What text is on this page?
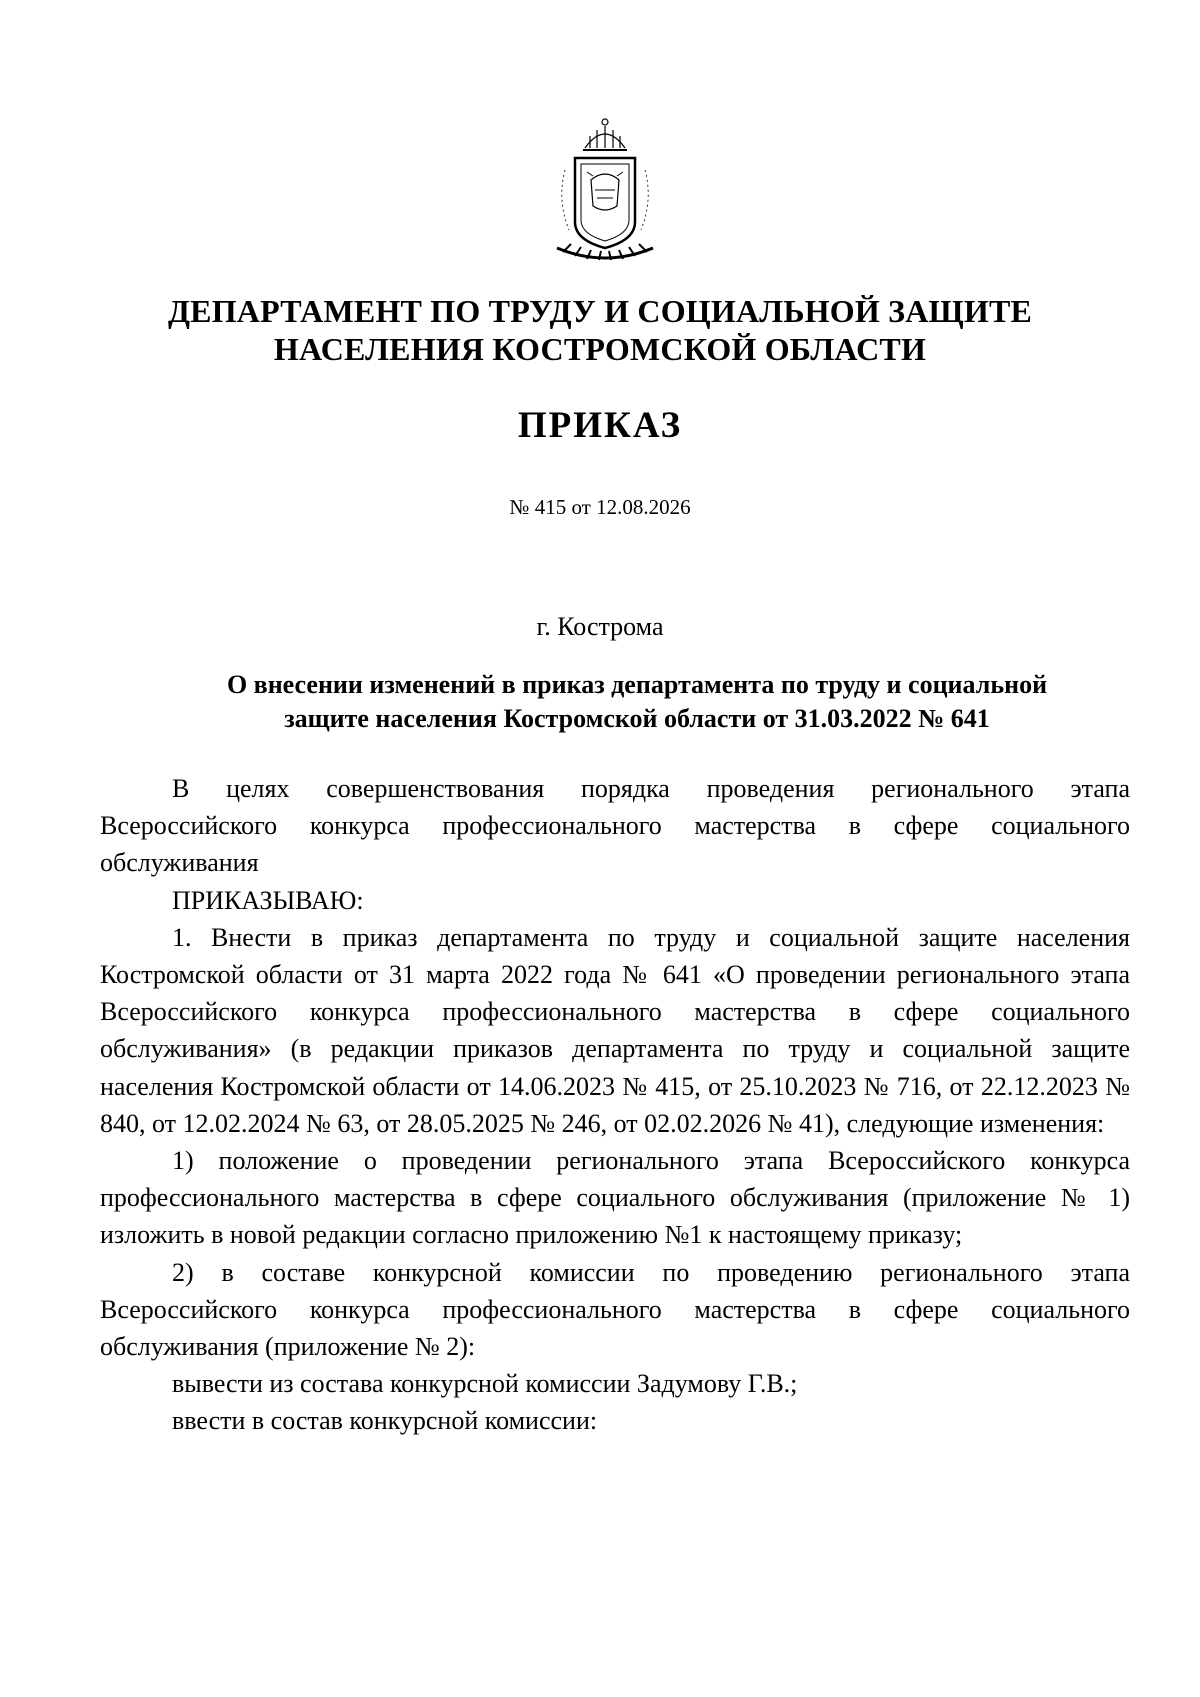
ДЕПАРТАМЕНТ ПО ТРУДУ И СОЦИАЛЬНОЙ ЗАЩИТЕ
НАСЕЛЕНИЯ КОСТРОМСКОЙ ОБЛАСТИ
ПРИКАЗ
№ 415 от 12.08.2026
г. Кострома
О внесении изменений в приказ департамента по труду и социальной
защите населения Костромской области от 31.03.2022 № 641

В целях совершенствования порядка проведения регионального этапа Всероссийского конкурса профессионального мастерства в сфере социального обслуживания

ПРИКАЗЫВАЮ:

1. Внести в приказ департамента по труду и социальной защите населения Костромской области от 31 марта 2022 года № 641 «О проведении регионального этапа Всероссийского конкурса профессионального мастерства в сфере социального обслуживания» (в редакции приказов департамента по труду и социальной защите населения Костромской области от 14.06.2023 № 415, от 25.10.2023 № 716, от 22.12.2023 № 840, от 12.02.2024 № 63, от 28.05.2025 № 246, от 02.02.2026 № 41), следующие изменения:

1) положение о проведении регионального этапа Всероссийского конкурса профессионального мастерства в сфере социального обслуживания (приложение № 1) изложить в новой редакции согласно приложению №1 к настоящему приказу;

2) в составе конкурсной комиссии по проведению регионального этапа Всероссийского конкурса профессионального мастерства в сфере социального обслуживания (приложение № 2):

вывести из состава конкурсной комиссии Задумову Г.В.;

ввести в состав конкурсной комиссии:
